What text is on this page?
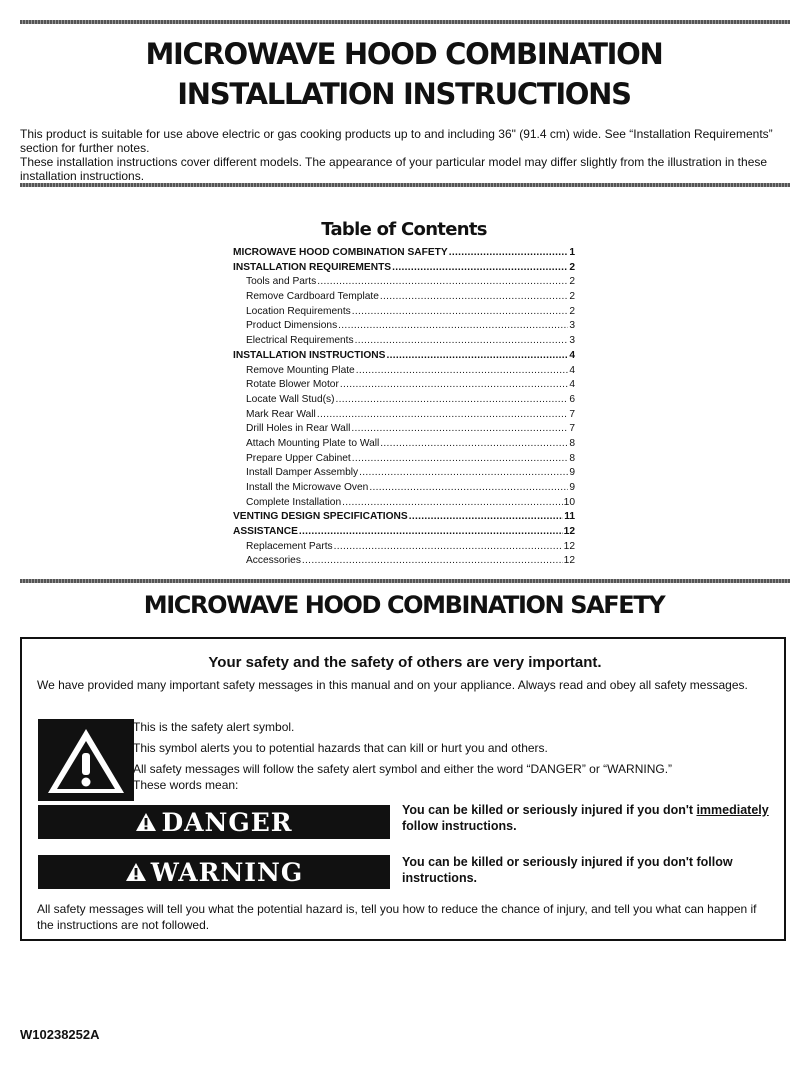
MICROWAVE HOOD COMBINATION
INSTALLATION INSTRUCTIONS
This product is suitable for use above electric or gas cooking products up to and including 36" (91.4 cm) wide. See “Installation Requirements” section for further notes.
These installation instructions cover different models. The appearance of your particular model may differ slightly from the illustration in these installation instructions.
Table of Contents
MICROWAVE HOOD COMBINATION SAFETY .....	1
INSTALLATION REQUIREMENTS .....	2
Tools and Parts .....	2
Remove Cardboard Template .....	2
Location Requirements .....	2
Product Dimensions .....	3
Electrical Requirements .....	3
INSTALLATION INSTRUCTIONS .....	4
Remove Mounting Plate .....	4
Rotate Blower Motor .....	4
Locate Wall Stud(s) .....	6
Mark Rear Wall .....	7
Drill Holes in Rear Wall .....	7
Attach Mounting Plate to Wall .....	8
Prepare Upper Cabinet .....	8
Install Damper Assembly .....	9
Install the Microwave Oven .....	9
Complete Installation .....	10
VENTING DESIGN SPECIFICATIONS .....	11
ASSISTANCE .....	12
Replacement Parts .....	12
Accessories .....	12
MICROWAVE HOOD COMBINATION SAFETY
Your safety and the safety of others are very important.
We have provided many important safety messages in this manual and on your appliance. Always read and obey all safety messages.
This is the safety alert symbol.
This symbol alerts you to potential hazards that can kill or hurt you and others.
All safety messages will follow the safety alert symbol and either the word “DANGER” or “WARNING.”
These words mean:
DANGER	You can be killed or seriously injured if you don't immediately
follow instructions.
WARNING	You can be killed or seriously injured if you don't follow instructions.
All safety messages will tell you what the potential hazard is, tell you how to reduce the chance of injury, and tell you what can happen if the instructions are not followed.
W10238252A
